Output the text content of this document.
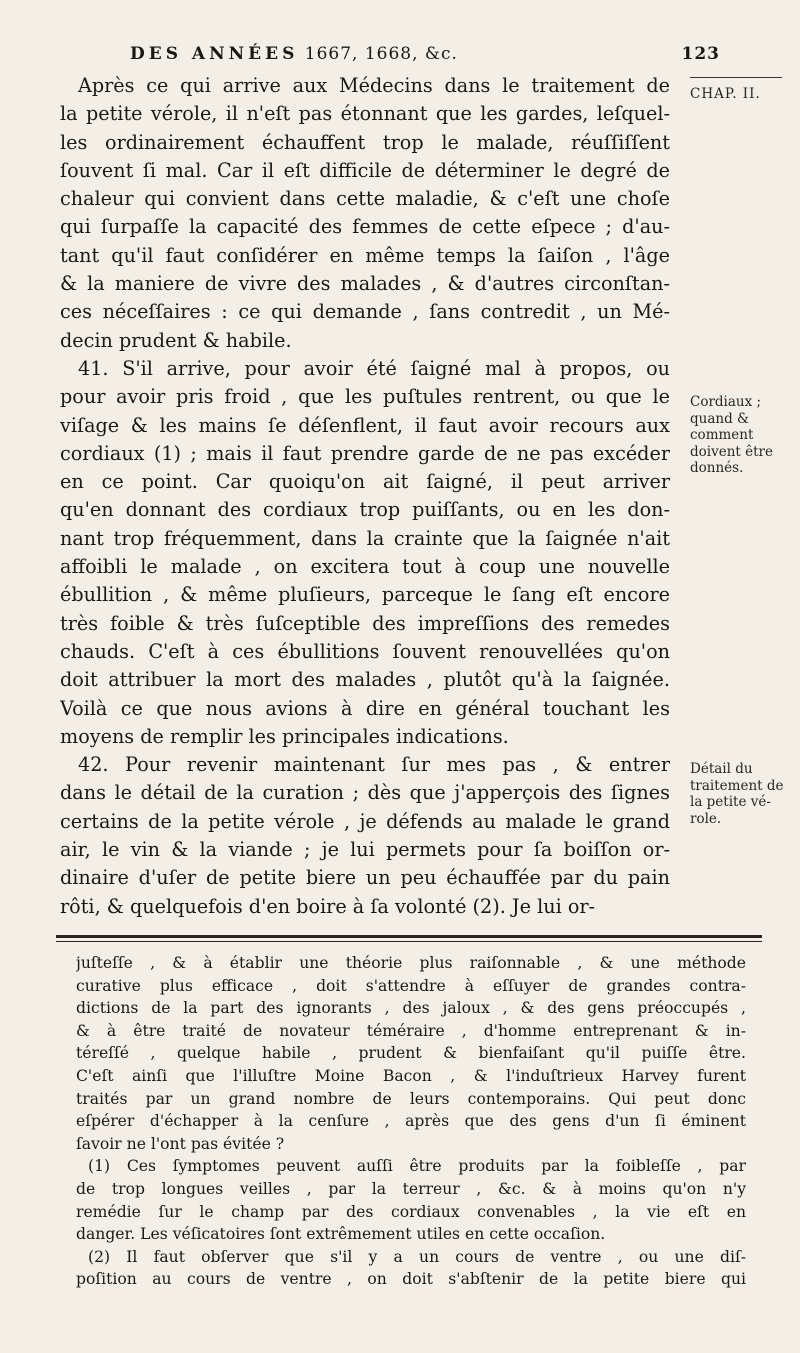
DES ANNÉES 1667, 1668, &c.	123
CHAP. II.
Après ce qui arrive aux Médecins dans le traitement de
la petite vérole, il n'eſt pas étonnant que les gardes, leſquel-
les ordinairement échauffent trop le malade, réuſſiſſent
ſouvent ſi mal. Car il eſt difficile de déterminer le degré de
chaleur qui convient dans cette maladie, & c'eſt une choſe
qui ſurpaſſe la capacité des femmes de cette eſpece ; d'au-
tant qu'il faut conſidérer en même temps la ſaiſon , l'âge
& la maniere de vivre des malades , & d'autres circonſtan-
ces néceſſaires : ce qui demande , ſans contredit , un Mé-
decin prudent & habile.
41. S'il arrive, pour avoir été ſaigné mal à propos, ou
pour avoir pris froid , que les puſtules rentrent, ou que le
viſage & les mains ſe déſenflent, il faut avoir recours aux
cordiaux (1) ; mais il faut prendre garde de ne pas excéder
en ce point. Car quoiqu'on ait ſaigné, il peut arriver
qu'en donnant des cordiaux trop puiſſants, ou en les don-
nant trop fréquemment, dans la crainte que la ſaignée n'ait
affoibli le malade , on excitera tout à coup une nouvelle
ébullition , & même pluſieurs, parceque le ſang eſt encore
très foible & très ſuſceptible des impreſſions des remedes
chauds. C'eſt à ces ébullitions ſouvent renouvellées qu'on
doit attribuer la mort des malades , plutôt qu'à la ſaignée.
Voilà ce que nous avions à dire en général touchant les
moyens de remplir les principales indications.
42. Pour revenir maintenant ſur mes pas , & entrer
dans le détail de la curation ; dès que j'apperçois des ſignes
certains de la petite vérole , je défends au malade le grand
air, le vin & la viande ; je lui permets pour ſa boiſſon or-
dinaire d'uſer de petite biere un peu échauffée par du pain
rôti, & quelquefois d'en boire à ſa volonté (2). Je lui or-
Cordiaux ;
quand &
comment
doivent être
donnés.
Détail du
traitement de
la petite vé-
role.
juſteſſe , & à établir une théorie plus raiſonnable , & une méthode
curative plus efficace , doit s'attendre à eſſuyer de grandes contra-
dictions de la part des ignorants , des jaloux , & des gens préoccupés ,
& à être traité de novateur téméraire , d'homme entreprenant & in-
téreſſé , quelque habile , prudent & bienfaiſant qu'il puiſſe être.
C'eſt ainſi que l'illuſtre Moine Bacon , & l'induſtrieux Harvey furent
traités par un grand nombre de leurs contemporains. Qui peut donc
eſpérer d'échapper à la cenſure , après que des gens d'un ſi éminent
ſavoir ne l'ont pas évitée ?
(1) Ces ſymptomes peuvent auſſi être produits par la foibleſſe , par
de trop longues veilles , par la terreur , &c. & à moins qu'on n'y
remédie ſur le champ par des cordiaux convenables , la vie eſt en
danger. Les véſicatoires ſont extrêmement utiles en cette occaſion.
(2) Il faut obſerver que s'il y a un cours de ventre , ou une diſ-
poſition au cours de ventre , on doit s'abſtenir de la petite biere qui
